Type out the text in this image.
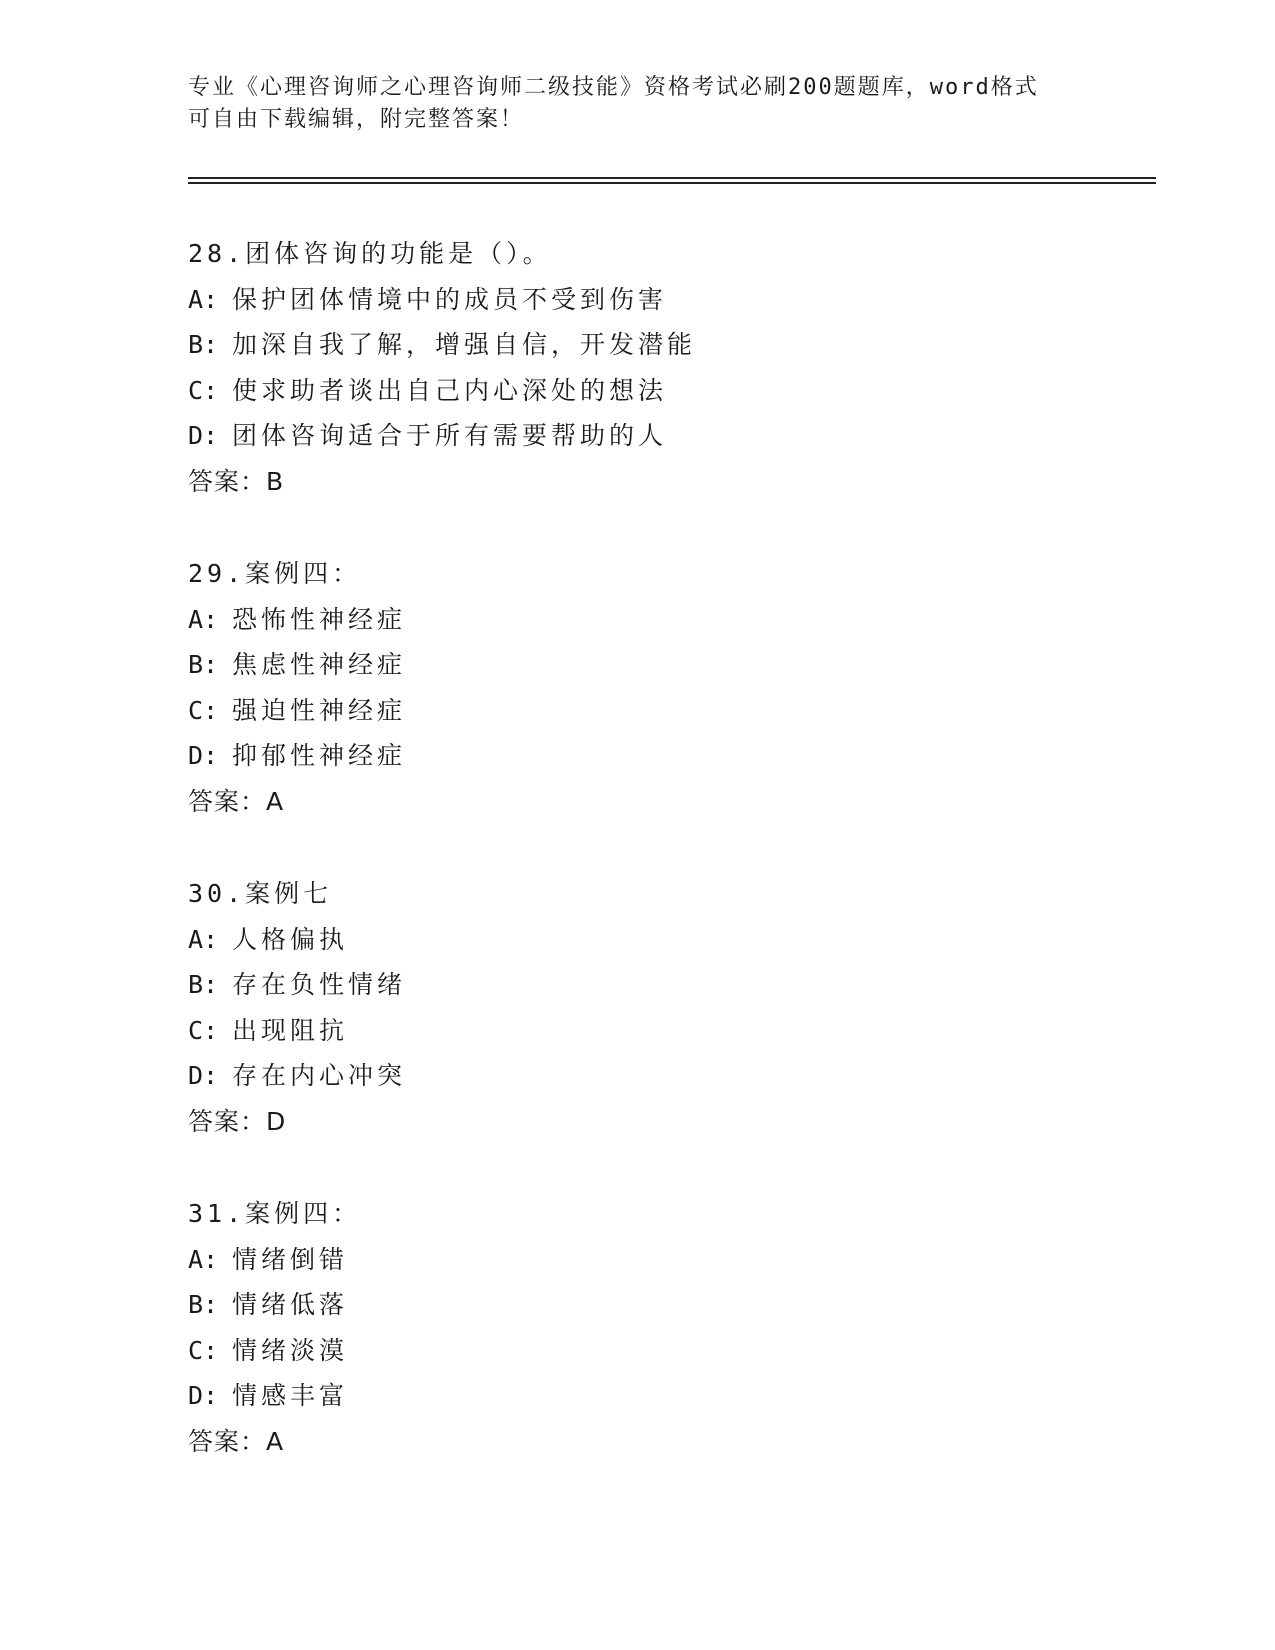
专业《心理咨询师之心理咨询师二级技能》资格考试必刷200题题库，word格式
可自由下载编辑，附完整答案！
28.团体咨询的功能是（）。
A: 保护团体情境中的成员不受到伤害
B: 加深自我了解，增强自信，开发潜能
C: 使求助者谈出自己内心深处的想法
D: 团体咨询适合于所有需要帮助的人
答案：B
29.案例四：
A: 恐怖性神经症
B: 焦虑性神经症
C: 强迫性神经症
D: 抑郁性神经症
答案：A
30.案例七
A: 人格偏执
B: 存在负性情绪
C: 出现阻抗
D: 存在内心冲突
答案：D
31.案例四：
A: 情绪倒错
B: 情绪低落
C: 情绪淡漠
D: 情感丰富
答案：A
